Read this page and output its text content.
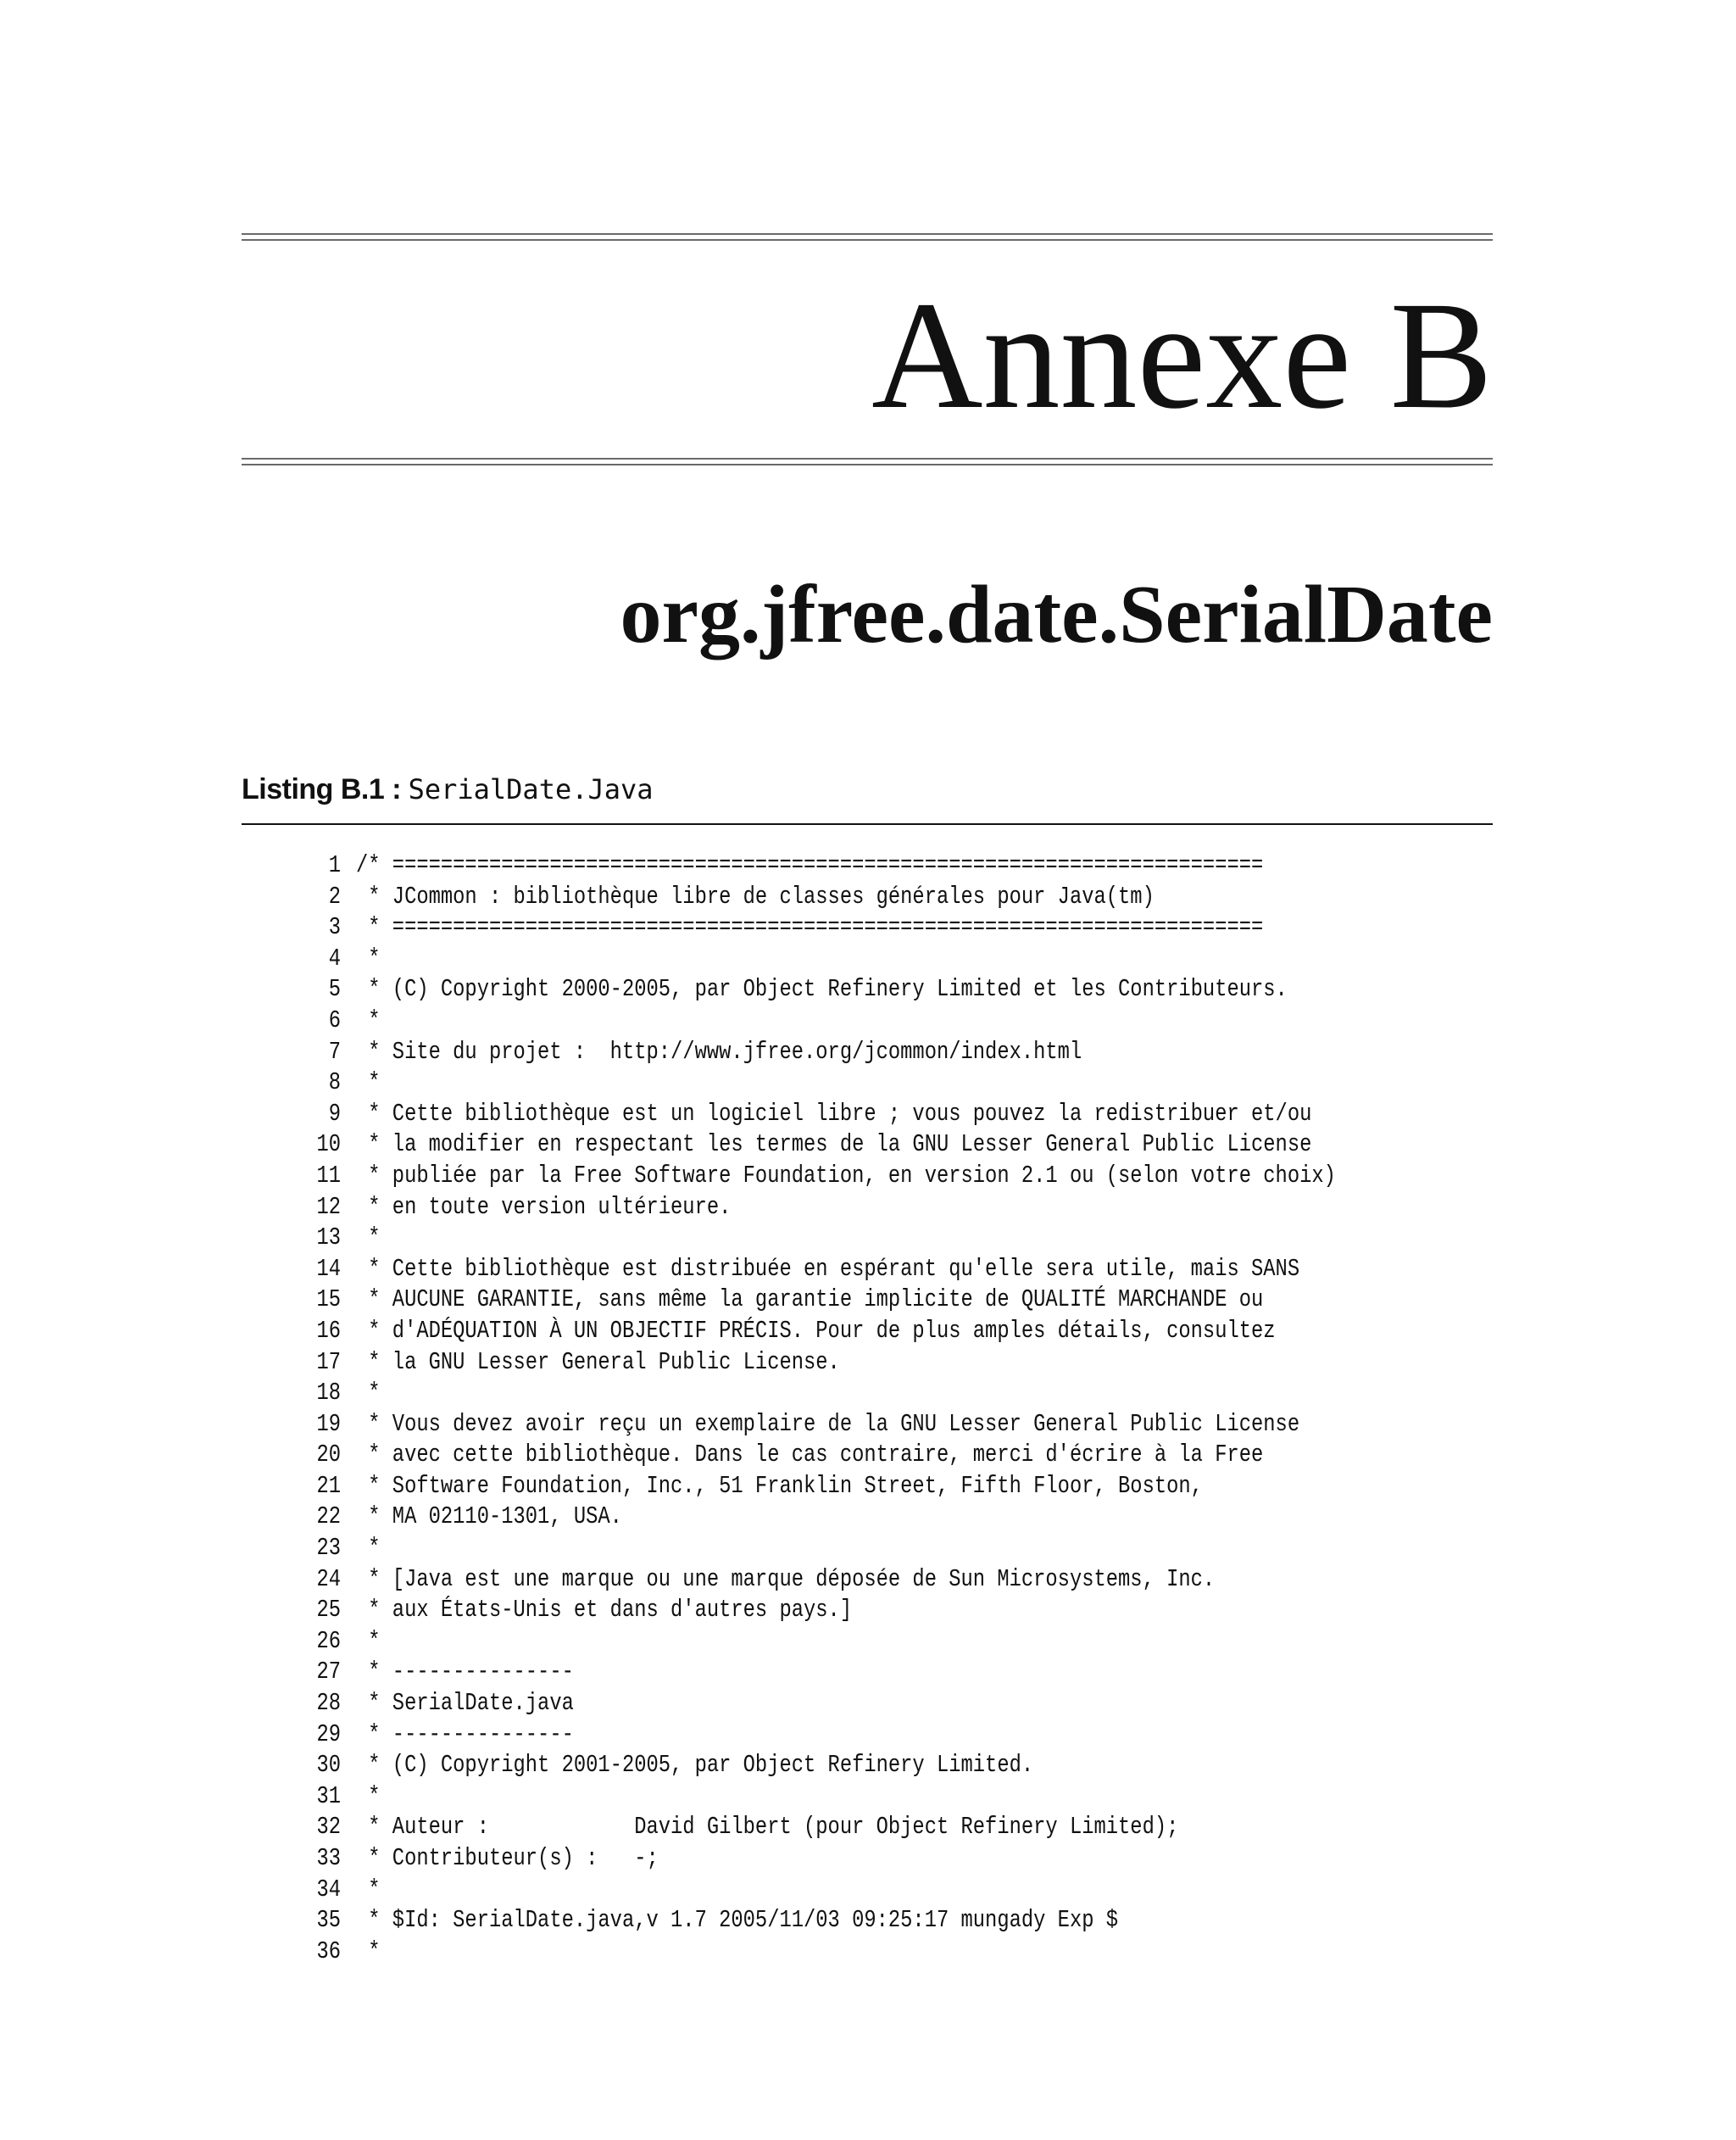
Annexe B
org.jfree.date.SerialDate
Listing B.1 : SerialDate.Java
1 /* ========================================================================
2 * JCommon : bibliothèque libre de classes générales pour Java(tm)
3 * ========================================================================
4 *
5 * (C) Copyright 2000-2005, par Object Refinery Limited et les Contributeurs.
6 *
7 * Site du projet :  http://www.jfree.org/jcommon/index.html
8 *
9 * Cette bibliothèque est un logiciel libre ; vous pouvez la redistribuer et/ou
10 * la modifier en respectant les termes de la GNU Lesser General Public License
11 * publiée par la Free Software Foundation, en version 2.1 ou (selon votre choix)
12 * en toute version ultérieure.
13 *
14 * Cette bibliothèque est distribuée en espérant qu'elle sera utile, mais SANS
15 * AUCUNE GARANTIE, sans même la garantie implicite de QUALITÉ MARCHANDE ou
16 * d'ADÉQUATION À UN OBJECTIF PRÉCIS. Pour de plus amples détails, consultez
17 * la GNU Lesser General Public License.
18 *
19 * Vous devez avoir reçu un exemplaire de la GNU Lesser General Public License
20 * avec cette bibliothèque. Dans le cas contraire, merci d'écrire à la Free
21 * Software Foundation, Inc., 51 Franklin Street, Fifth Floor, Boston,
22 * MA 02110-1301, USA.
23 *
24 * [Java est une marque ou une marque déposée de Sun Microsystems, Inc.
25 * aux États-Unis et dans d'autres pays.]
26 *
27 * ---------------
28 * SerialDate.java
29 * ---------------
30 * (C) Copyright 2001-2005, par Object Refinery Limited.
31 *
32 * Auteur :            David Gilbert (pour Object Refinery Limited);
33 * Contributeur(s) :   -;
34 *
35 * $Id: SerialDate.java,v 1.7 2005/11/03 09:25:17 mungady Exp $
36 *
